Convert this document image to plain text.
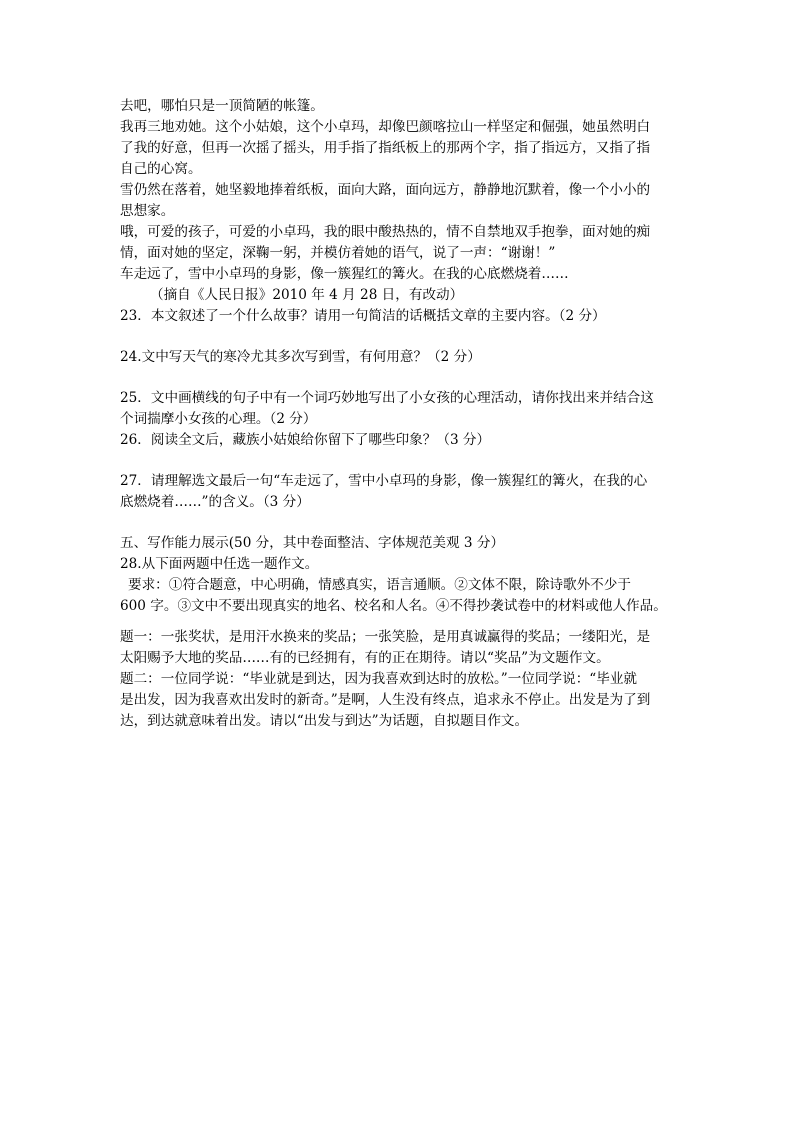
去吧，哪怕只是一顶简陋的帐篷。
我再三地劝她。这个小姑娘，这个小卓玛，却像巴颜喀拉山一样坚定和倔强，她虽然明白
了我的好意，但再一次摇了摇头，用手指了指纸板上的那两个字，指了指远方，又指了指
自己的心窝。
雪仍然在落着，她坚毅地捧着纸板，面向大路，面向远方，静静地沉默着，像一个小小的
思想家。
哦，可爱的孩子，可爱的小卓玛，我的眼中酸热热的，情不自禁地双手抱拳，面对她的痴
情，面对她的坚定，深鞠一躬，并模仿着她的语气，说了一声：“谢谢！”
车走远了，雪中小卓玛的身影，像一簇猩红的篝火。在我的心底燃烧着……
（摘自《人民日报》2010 年 4 月 28 日，有改动）
23．本文叙述了一个什么故事？请用一句简洁的话概括文章的主要内容。（2 分）
24.文中写天气的寒冷尤其多次写到雪，有何用意？（2 分）
25．文中画横线的句子中有一个词巧妙地写出了小女孩的心理活动，请你找出来并结合这
个词揣摩小女孩的心理。（2 分）
26．阅读全文后，藏族小姑娘给你留下了哪些印象？（3 分）
27．请理解选文最后一句“车走远了，雪中小卓玛的身影，像一簇猩红的篝火，在我的心
底燃烧着……”的含义。（3 分）
五、写作能力展示(50 分，其中卷面整洁、字体规范美观 3 分）
28.从下面两题中任选一题作文。
要求：①符合题意，中心明确，情感真实，语言通顺。②文体不限，除诗歌外不少于
600 字。③文中不要出现真实的地名、校名和人名。④不得抄袭试卷中的材料或他人作品。
题一：一张奖状，是用汗水换来的奖品；一张笑脸，是用真诚赢得的奖品；一缕阳光，是
太阳赐予大地的奖品……有的已经拥有，有的正在期待。请以“奖品”为文题作文。
题二：一位同学说：“毕业就是到达，因为我喜欢到达时的放松。”一位同学说：“毕业就
是出发，因为我喜欢出发时的新奇。”是啊，人生没有终点，追求永不停止。出发是为了到
达，到达就意味着出发。请以“出发与到达”为话题，自拟题目作文。
